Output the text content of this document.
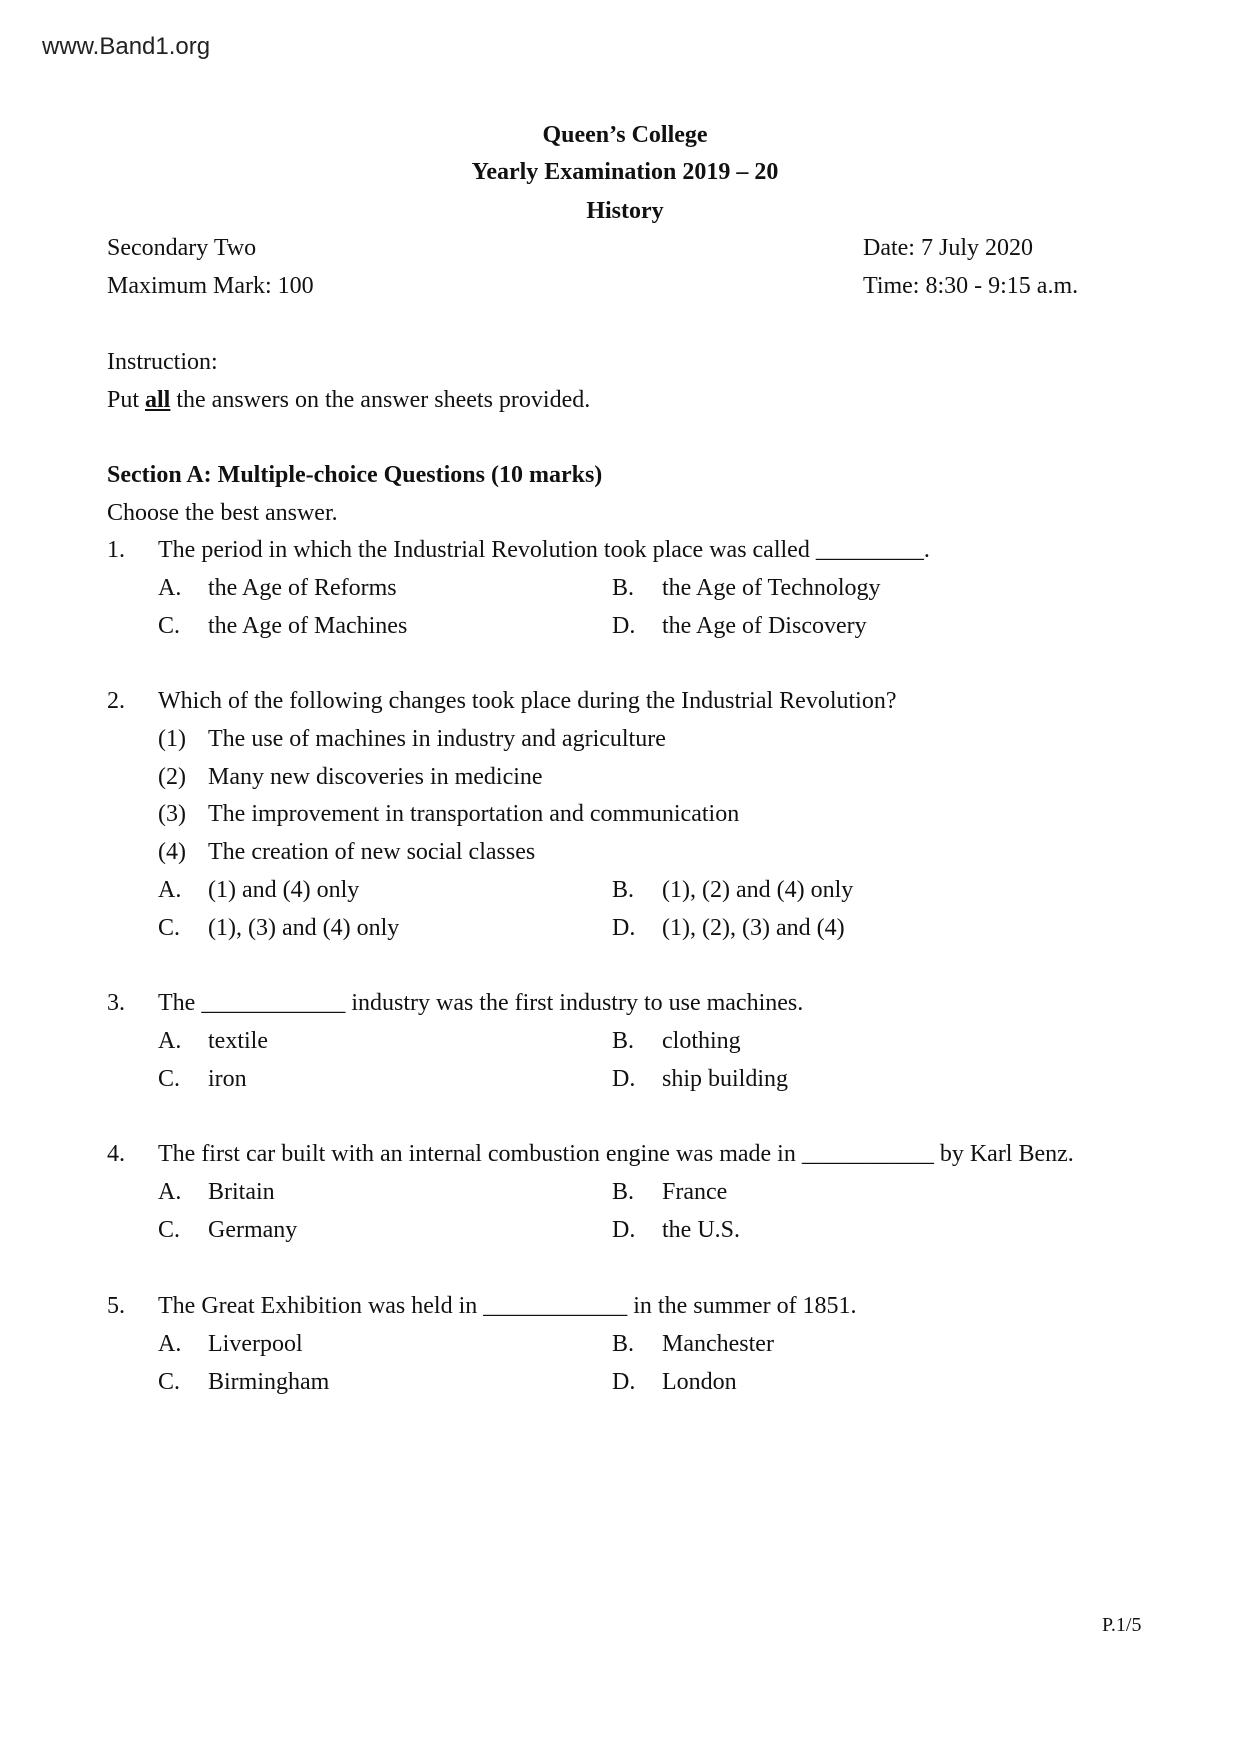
www.Band1.org
Queen’s College
Yearly Examination 2019 – 20
History
Secondary Two
Maximum Mark: 100
Date: 7 July 2020
Time: 8:30 - 9:15 a.m.
Instruction:
Put all the answers on the answer sheets provided.
Section A: Multiple-choice Questions (10 marks)
Choose the best answer.
1. The period in which the Industrial Revolution took place was called _________.
A. the Age of Reforms	B. the Age of Technology
C. the Age of Machines	D. the Age of Discovery
2. Which of the following changes took place during the Industrial Revolution?
(1) The use of machines in industry and agriculture
(2) Many new discoveries in medicine
(3) The improvement in transportation and communication
(4) The creation of new social classes
A. (1) and (4) only	B. (1), (2) and (4) only
C. (1), (3) and (4) only	D. (1), (2), (3) and (4)
3. The ____________ industry was the first industry to use machines.
A. textile	B. clothing
C. iron	D. ship building
4. The first car built with an internal combustion engine was made in ___________ by Karl Benz.
A. Britain	B. France
C. Germany	D. the U.S.
5. The Great Exhibition was held in ____________ in the summer of 1851.
A. Liverpool	B. Manchester
C. Birmingham	D. London
P.1/5
